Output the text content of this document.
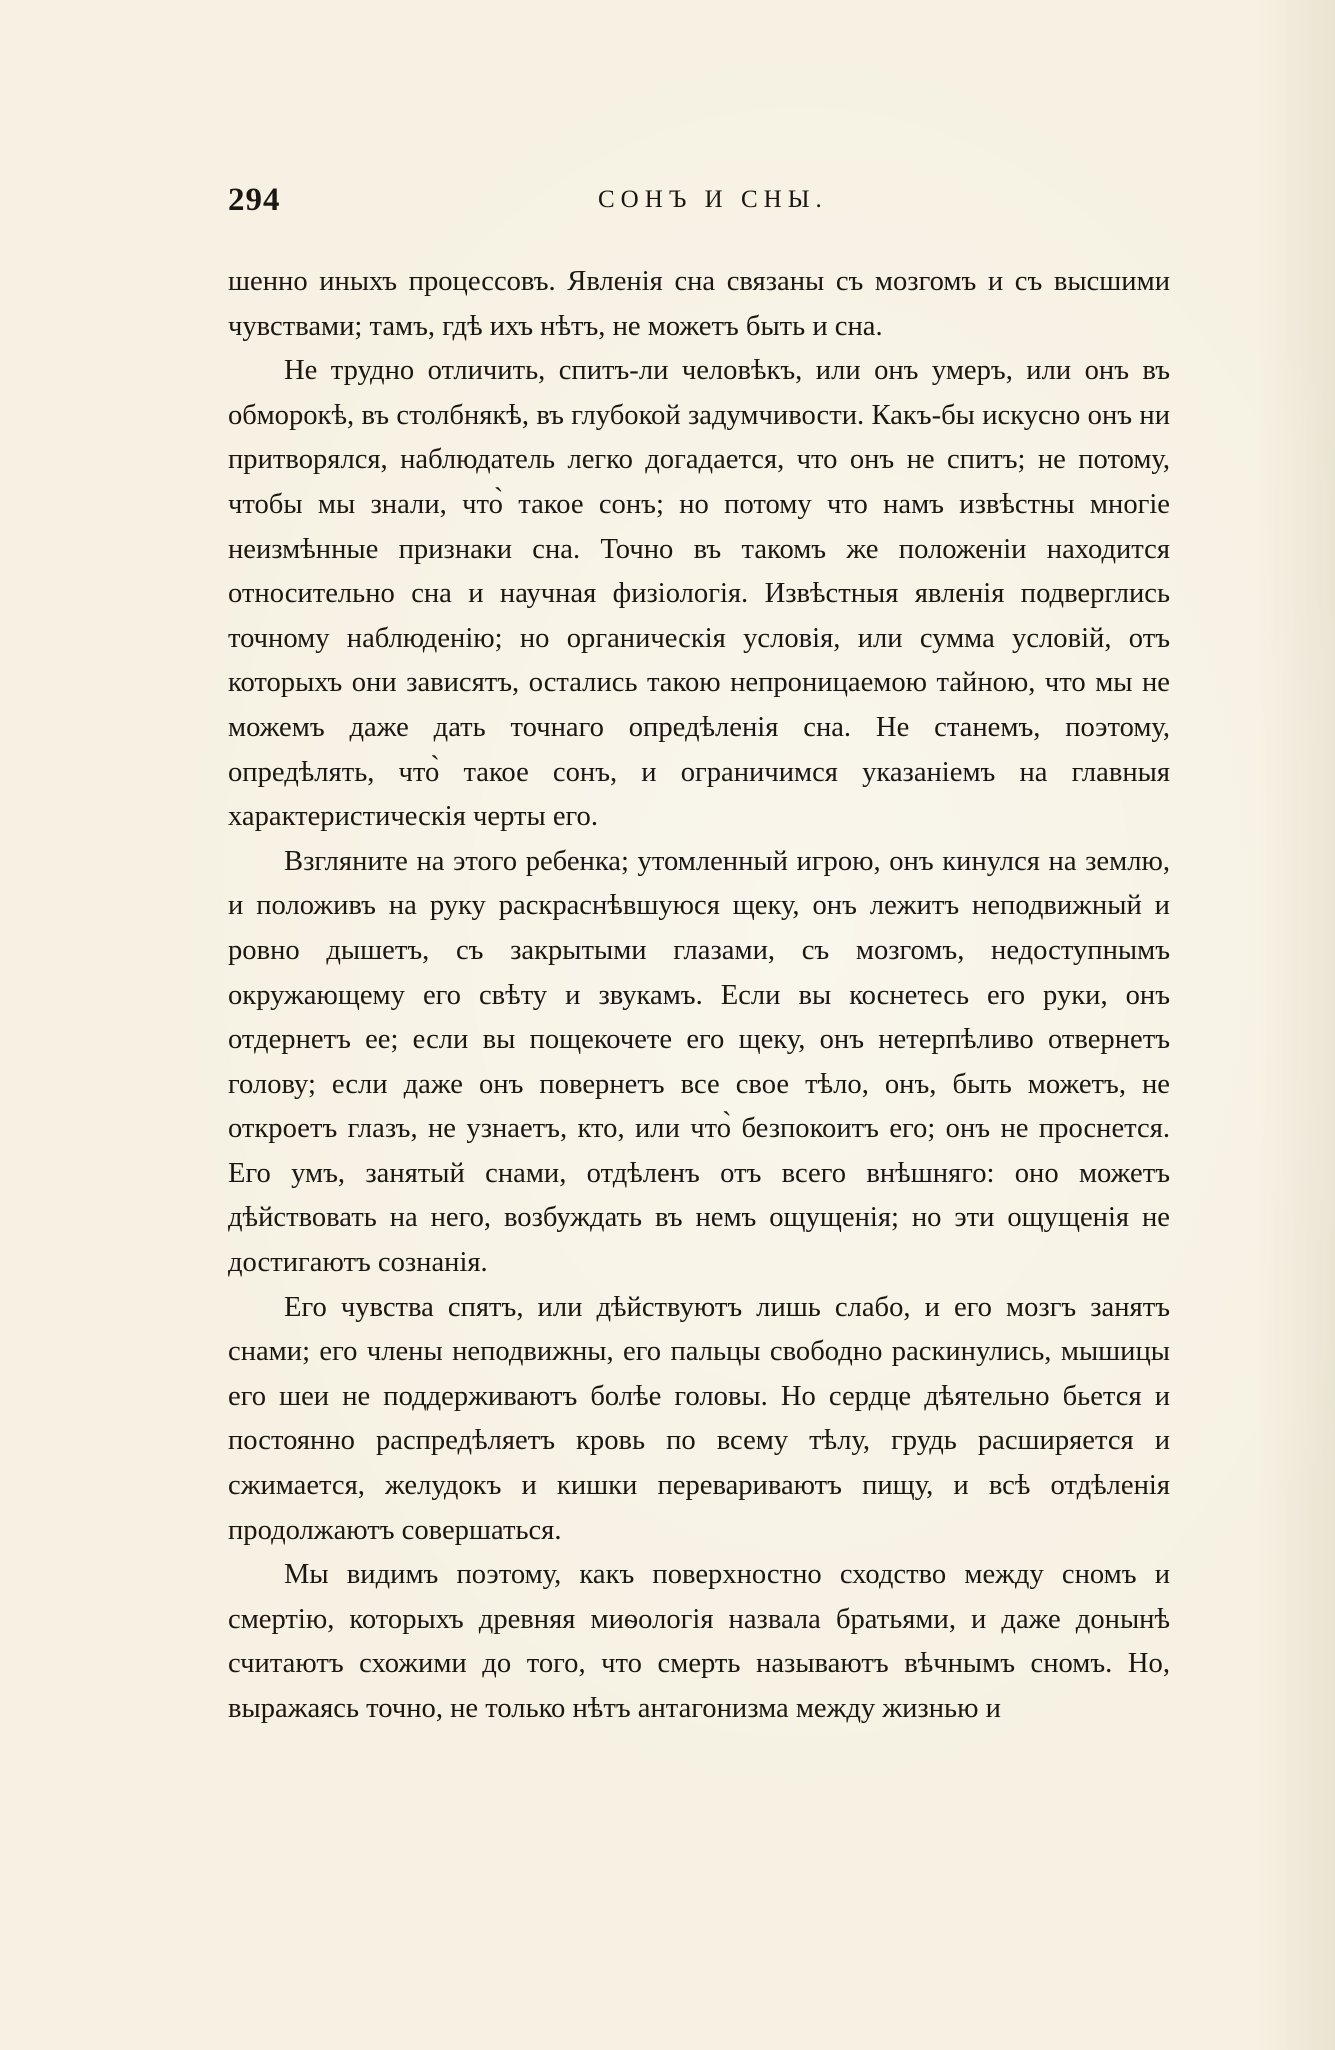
294	СОНЪ И СНЫ.

шенно иныхъ процессовъ. Явленія сна связаны съ мозгомъ и съ высшими чувствами; тамъ, гдѣ ихъ нѣтъ, не можетъ быть и сна.

Не трудно отличить, спитъ-ли человѣкъ, или онъ умеръ, или онъ въ обморокѣ, въ столбнякѣ, въ глубокой задумчивости. Какъ-бы искусно онъ ни притворялся, наблюдатель легко догадается, что онъ не спитъ; не потому, чтобы мы знали, что̀ такое сонъ; но потому что намъ извѣстны многіе неизмѣнные признаки сна. Точно въ такомъ же положеніи находится относительно сна и научная физіологія. Извѣстныя явленія подверглись точному наблюденію; но органическія условія, или сумма условій, отъ которыхъ они зависятъ, остались такою непроницаемою тайною, что мы не можемъ даже дать точнаго опредѣленія сна. Не станемъ, поэтому, опредѣлять, что̀ такое сонъ, и ограничимся указаніемъ на главныя характеристическія черты его.

Взгляните на этого ребенка; утомленный игрою, онъ кинулся на землю, и положивъ на руку раскраснѣвшуюся щеку, онъ лежитъ неподвижный и ровно дышетъ, съ закрытыми глазами, съ мозгомъ, недоступнымъ окружающему его свѣту и звукамъ. Если вы коснетесь его руки, онъ отдернетъ ее; если вы пощекочете его щеку, онъ нетерпѣливо отвернетъ голову; если даже онъ повернетъ все свое тѣло, онъ, быть можетъ, не откроетъ глазъ, не узнаетъ, кто, или что̀ безпокоитъ его; онъ не проснется. Его умъ, занятый снами, отдѣленъ отъ всего внѣшняго: оно можетъ дѣйствовать на него, возбуждать въ немъ ощущенія; но эти ощущенія не достигаютъ сознанія.

Его чувства спятъ, или дѣйствуютъ лишь слабо, и его мозгъ занятъ снами; его члены неподвижны, его пальцы свободно раскинулись, мышицы его шеи не поддерживаютъ болѣе головы. Но сердце дѣятельно бьется и постоянно распредѣляетъ кровь по всему тѣлу, грудь расширяется и сжимается, желудокъ и кишки перевариваютъ пищу, и всѣ отдѣленія продолжаютъ совершаться.

Мы видимъ поэтому, какъ поверхностно сходство между сномъ и смертію, которыхъ древняя миѳологія назвала братьями, и даже донынѣ считаютъ схожими до того, что смерть называютъ вѣчнымъ сномъ. Но, выражаясь точно, не только нѣтъ антагонизма между жизнью и
